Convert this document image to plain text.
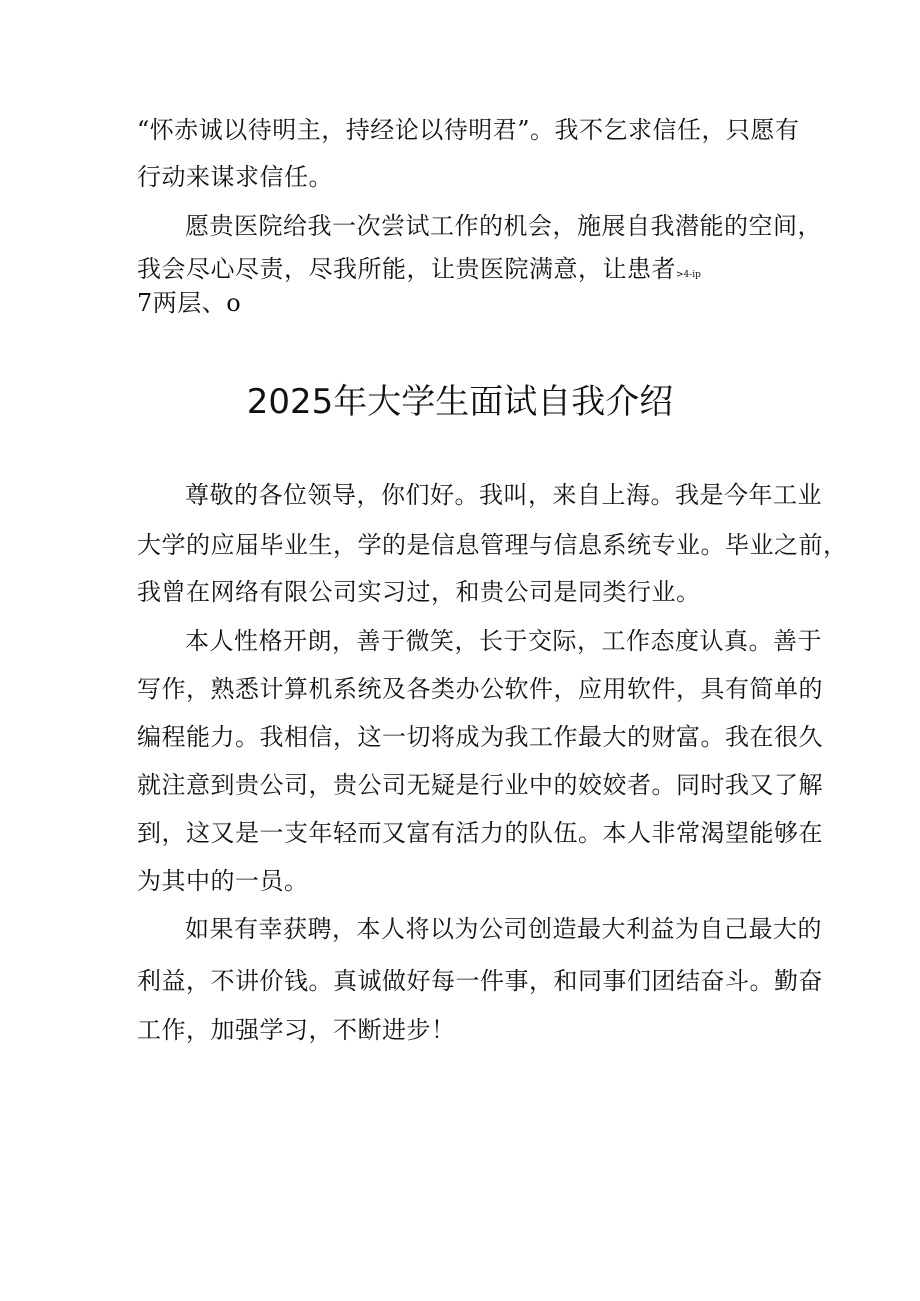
“怀赤诚以待明主，持经论以待明君”。我不乞求信任，只愿有
行动来谋求信任。
愿贵医院给我一次尝试工作的机会，施展自我潜能的空间，
我会尽心尽责，尽我所能，让贵医院满意，让患者>4-ip
7两层、o
2025年大学生面试自我介绍
尊敬的各位领导，你们好。我叫，来自上海。我是今年工业
大学的应届毕业生，学的是信息管理与信息系统专业。毕业之前，
我曾在网络有限公司实习过，和贵公司是同类行业。
本人性格开朗，善于微笑，长于交际，工作态度认真。善于
写作，熟悉计算机系统及各类办公软件，应用软件，具有简单的
编程能力。我相信，这一切将成为我工作最大的财富。我在很久
就注意到贵公司，贵公司无疑是行业中的姣姣者。同时我又了解
到，这又是一支年轻而又富有活力的队伍。本人非常渴望能够在
为其中的一员。
如果有幸获聘，本人将以为公司创造最大利益为自己最大的
利益，不讲价钱。真诚做好每一件事，和同事们团结奋斗。勤奋
工作，加强学习，不断进步！
